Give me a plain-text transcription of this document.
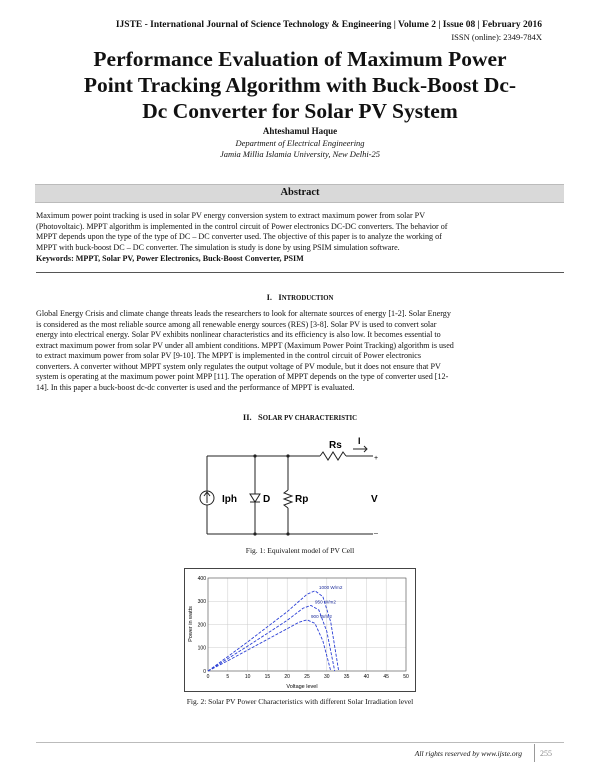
IJSTE - International Journal of Science Technology & Engineering | Volume 2 | Issue 08 | February 2016
ISSN (online): 2349-784X
Performance Evaluation of Maximum Power
Point Tracking Algorithm with Buck-Boost Dc-
Dc Converter for Solar PV System
Ahteshamul Haque
Department of Electrical Engineering
Jamia Millia Islamia University, New Delhi-25
Abstract
Maximum power point tracking is used in solar PV energy conversion system to extract maximum power from solar PV
(Photovoltaic). MPPT algorithm is implemented in the control circuit of Power electronics DC-DC converters. The behavior of
MPPT depends upon the type of the type of DC – DC converter used. The objective of this paper is to analyze the working of
MPPT with buck-boost DC – DC converter. The simulation is study is done by using PSIM simulation software.
Keywords: MPPT, Solar PV, Power Electronics, Buck-Boost Converter, PSIM
I. INTRODUCTION
Global Energy Crisis and climate change threats leads the researchers to look for alternate sources of energy [1-2]. Solar Energy
is considered as the most reliable source among all renewable energy sources (RES) [3-8]. Solar PV is used to convert solar
energy into electrical energy. Solar PV exhibits nonlinear characteristics and its efficiency is also low. It becomes essential to
extract maximum power from solar PV under all ambient conditions. MPPT (Maximum Power Point Tracking) algorithm is used
to extract maximum power from solar PV [9-10]. The MPPT is implemented in the control circuit of Power electronics
converters. A converter without MPPT system only regulates the output voltage of PV module, but it does not ensure that PV
system is operating at the maximum power point MPP [11]. The operation of MPPT depends on the type of converter used [12-
14]. In this paper a buck-boost dc-dc converter is used and the performance of MPPT is evaluated.
II. SOLAR PV CHARACTERISTIC
Rs I
Iph	D Rp	V
+
_
Fig. 1: Equivalent model of PV Cell
1000 W/m2
950 W/m2
900 W/m2
0	5	10	15	20	25	30	35	40	45	50
0
100
200
300
400
Voltage level
Power in watts
Fig. 2: Solar PV Power Characteristics with different Solar Irradiation level
All rights reserved by www.ijste.org 255
